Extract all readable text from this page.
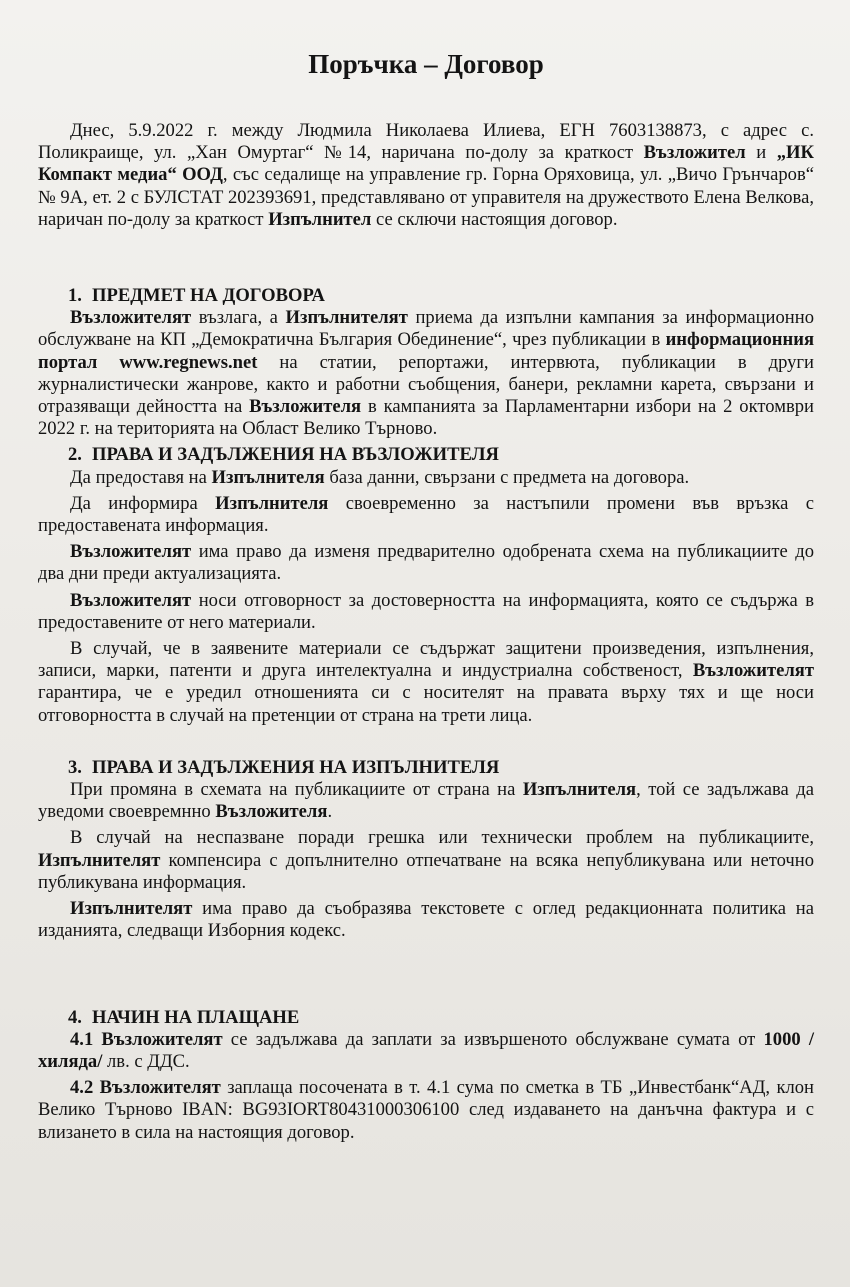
Поръчка – Договор

Днес, 5.9.2022 г. между Людмила Николаева Илиева, ЕГН 7603138873, с адрес с. Поликраище, ул. „Хан Омуртаг“ №14, наричана по-долу за краткост Възложител и „ИК Компакт медиа“ ООД, със седалище на управление гр. Горна Оряховица, ул. „Вичо Грънчаров“ № 9А, ет. 2 с БУЛСТАТ 202393691, представлявано от управителя на дружеството Елена Велкова, наричан по-долу за краткост Изпълнител се сключи настоящия договор.

1. ПРЕДМЕТ НА ДОГОВОРА

Възложителят възлага, а Изпълнителят приема да изпълни кампания за информационно обслужване на КП „Демократична България Обединение“, чрез публикации в информационния портал www.regnews.net на статии, репортажи, интервюта, публикации в други журналистически жанрове, както и работни съобщения, банери, рекламни карета, свързани и отразяващи дейността на Възложителя в кампанията за Парламентарни избори на 2 октомври 2022 г. на територията на Област Велико Търново.

2. ПРАВА И ЗАДЪЛЖЕНИЯ НА ВЪЗЛОЖИТЕЛЯ

Да предоставя на Изпълнителя база данни, свързани с предмета на договора.

Да информира Изпълнителя своевременно за настъпили промени във връзка с предоставената информация.

Възложителят има право да изменя предварително одобрената схема на публикациите до два дни преди актуализацията.

Възложителят носи отговорност за достоверността на информацията, която се съдържа в предоставените от него материали.

В случай, че в заявените материали се съдържат защитени произведения, изпълнения, записи, марки, патенти и друга интелектуална и индустриална собственост, Възложителят гарантира, че е уредил отношенията си с носителят на правата върху тях и ще носи отговорността в случай на претенции от страна на трети лица.

3. ПРАВА И ЗАДЪЛЖЕНИЯ НА ИЗПЪЛНИТЕЛЯ

При промяна в схемата на публикациите от страна на Изпълнителя, той се задължава да уведоми своевремнно Възложителя.

В случай на неспазване поради грешка или технически проблем на публикациите, Изпълнителят компенсира с допълнително отпечатване на всяка непубликувана или неточно публикувана информация.

Изпълнителят има право да съобразява текстовете с оглед редакционната политика на изданията, следващи Изборния кодекс.

4. НАЧИН НА ПЛАЩАНЕ

4.1 Възложителят се задължава да заплати за извършеното обслужване сумата от 1000 /хиляда/ лв. с ДДС.

4.2 Възложителят заплаща посочената в т. 4.1 сума по сметка в ТБ „Инвестбанк“АД, клон Велико Търново IBAN: BG93IORT80431000306100 след издаването на данъчна фактура и с влизането в сила на настоящия договор.
